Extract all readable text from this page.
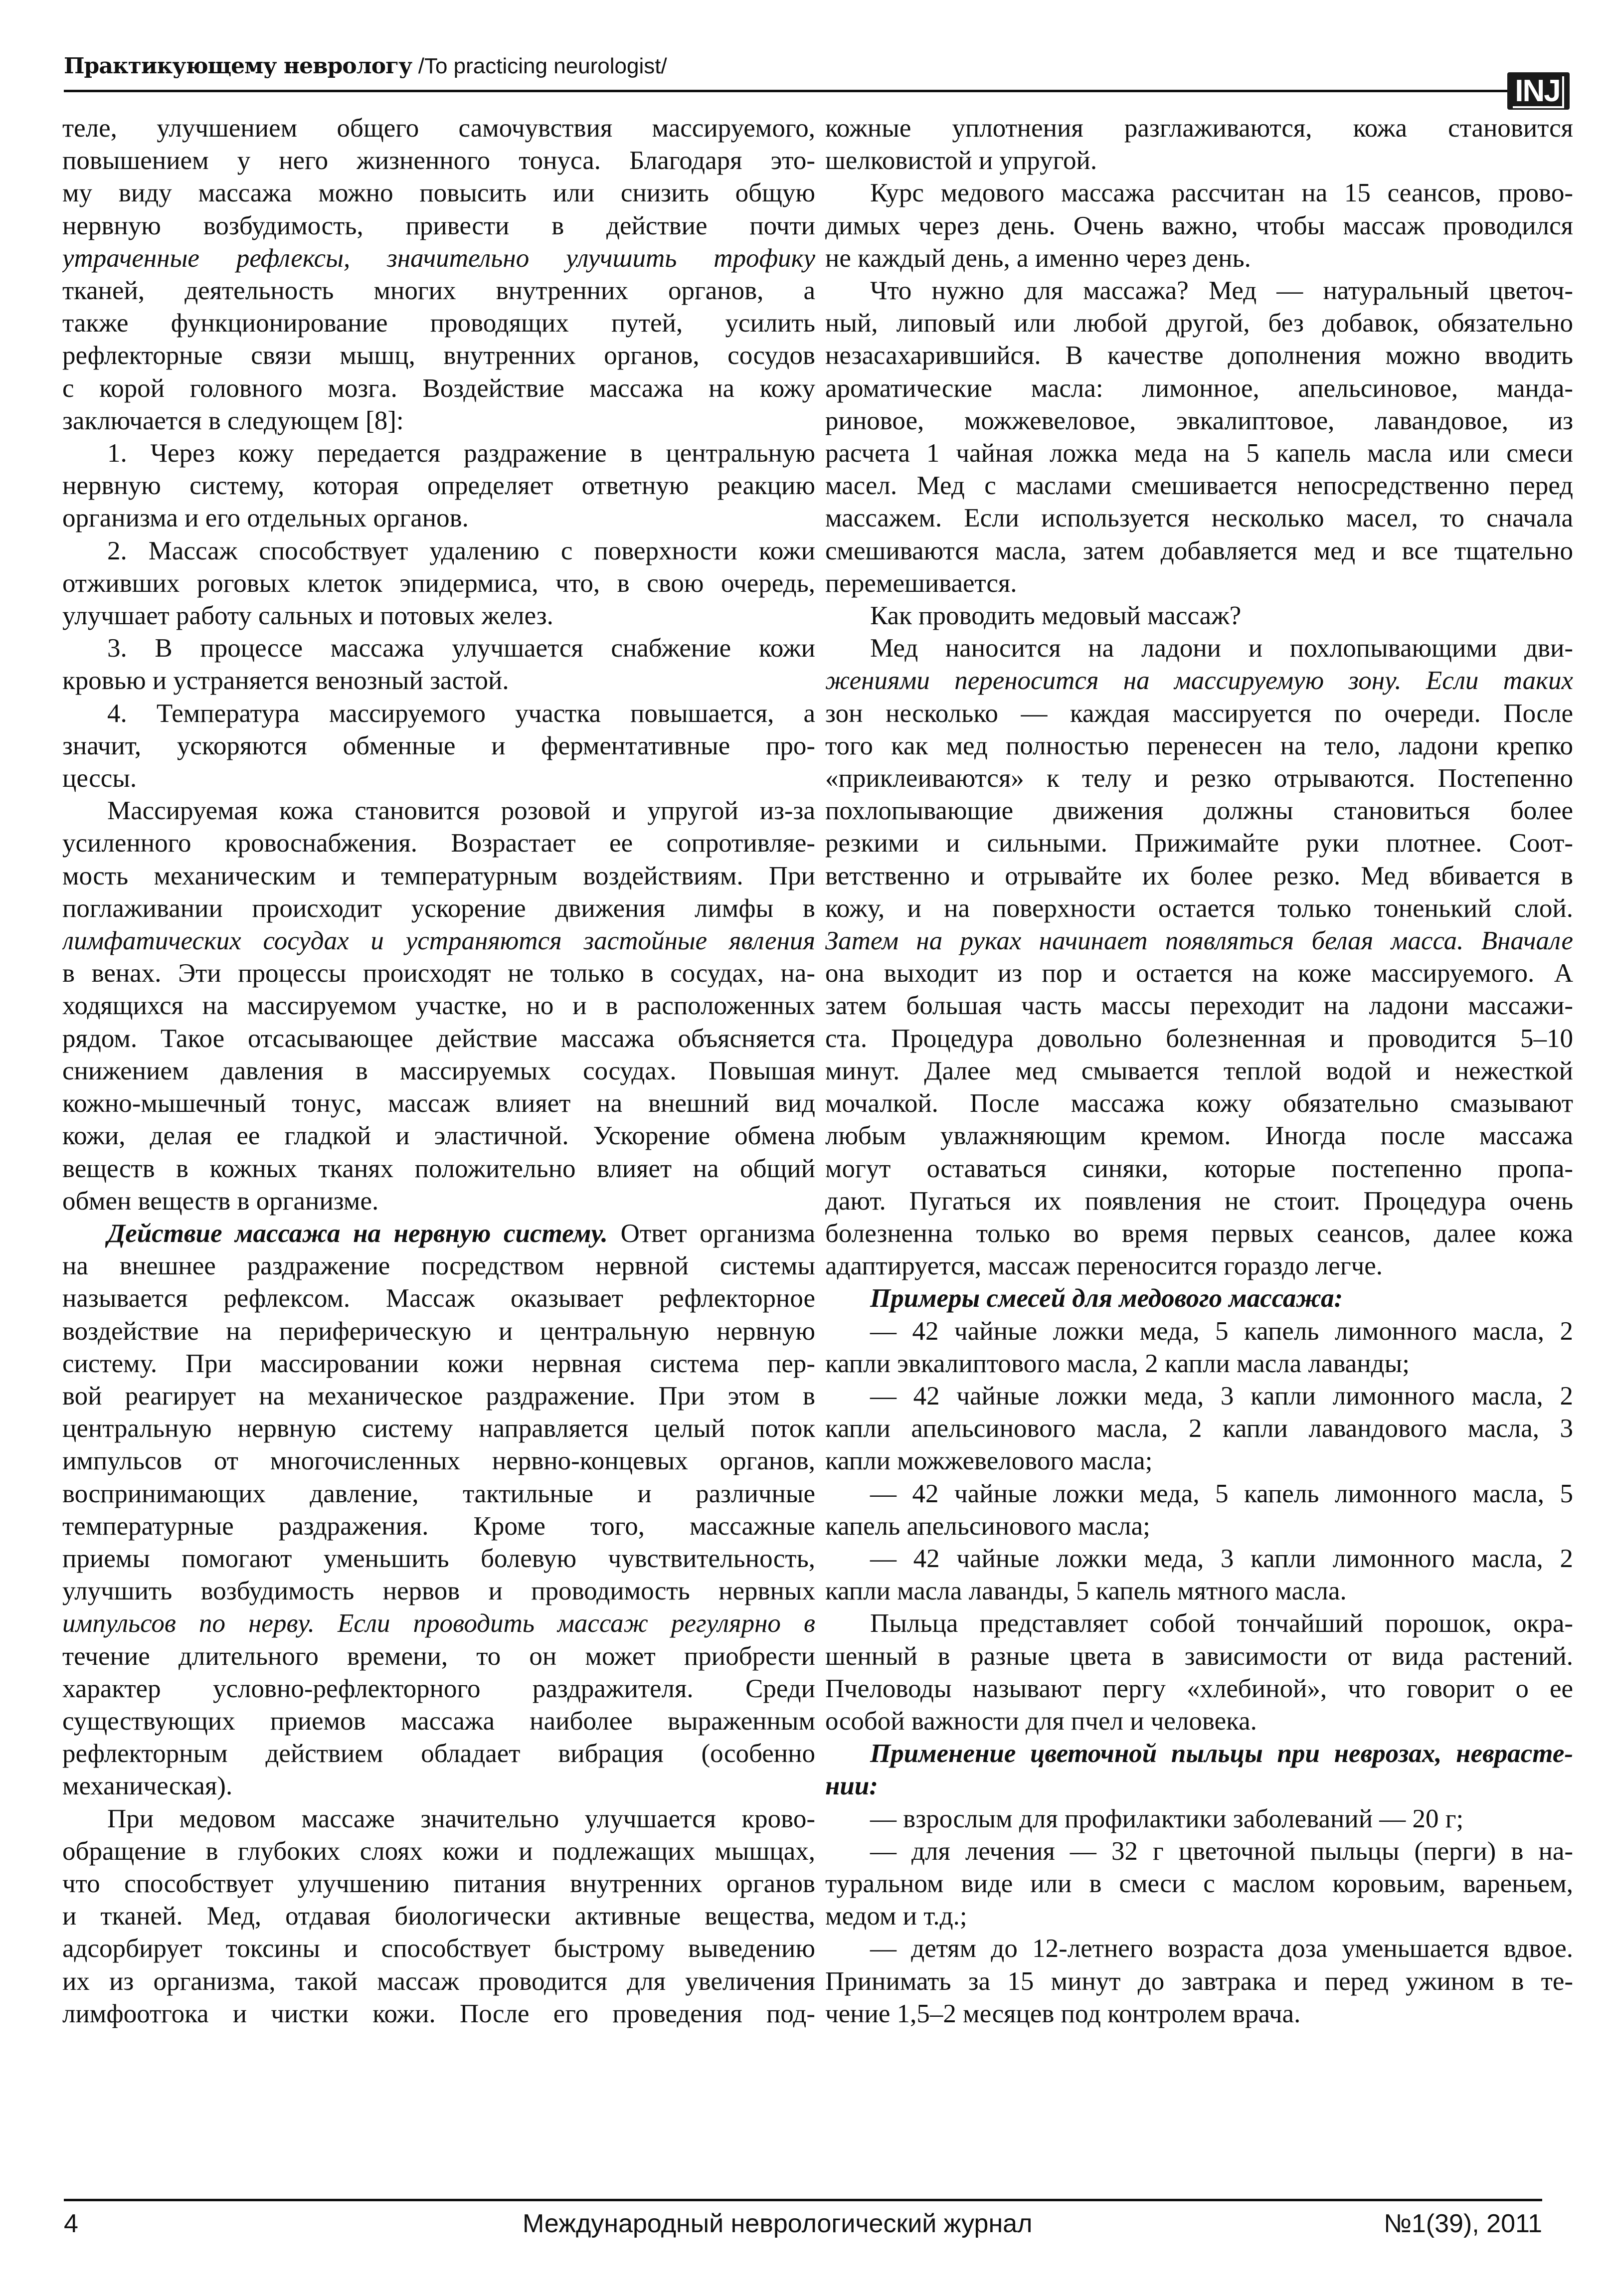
Практикующему неврологу /To practicing neurologist/
INJ
теле, улучшением общего самочувствия массируемого,
повышением у него жизненного тонуса. Благодаря это-
му виду массажа можно повысить или снизить общую
нервную возбудимость, привести в действие почти
утраченные рефлексы, значительно улучшить трофику
тканей, деятельность многих внутренних органов, а
также функционирование проводящих путей, усилить
рефлекторные связи мышц, внутренних органов, сосудов
с корой головного мозга. Воздействие массажа на кожу
заключается в следующем [8]:
1. Через кожу передается раздражение в центральную
нервную систему, которая определяет ответную реакцию
организма и его отдельных органов.
2. Массаж способствует удалению с поверхности кожи
отживших роговых клеток эпидермиса, что, в свою очередь,
улучшает работу сальных и потовых желез.
3. В процессе массажа улучшается снабжение кожи
кровью и устраняется венозный застой.
4. Температура массируемого участка повышается, а
значит, ускоряются обменные и ферментативные про-
цессы.
Массируемая кожа становится розовой и упругой из-за
усиленного кровоснабжения. Возрастает ее сопротивляе-
мость механическим и температурным воздействиям. При
поглаживании происходит ускорение движения лимфы в
лимфатических сосудах и устраняются застойные явления
в венах. Эти процессы происходят не только в сосудах, на-
ходящихся на массируемом участке, но и в расположенных
рядом. Такое отсасывающее действие массажа объясняется
снижением давления в массируемых сосудах. Повышая
кожно-мышечный тонус, массаж влияет на внешний вид
кожи, делая ее гладкой и эластичной. Ускорение обмена
веществ в кожных тканях положительно влияет на общий
обмен веществ в организме.
Действие массажа на нервную систему. Ответ организма
на внешнее раздражение посредством нервной системы
называется рефлексом. Массаж оказывает рефлекторное
воздействие на периферическую и центральную нервную
систему. При массировании кожи нервная система пер-
вой реагирует на механическое раздражение. При этом в
центральную нервную систему направляется целый поток
импульсов от многочисленных нервно-концевых органов,
воспринимающих давление, тактильные и различные
температурные раздражения. Кроме того, массажные
приемы помогают уменьшить болевую чувствительность,
улучшить возбудимость нервов и проводимость нервных
импульсов по нерву. Если проводить массаж регулярно в
течение длительного времени, то он может приобрести
характер условно-рефлекторного раздражителя. Среди
существующих приемов массажа наиболее выраженным
рефлекторным действием обладает вибрация (особенно
механическая).
При медовом массаже значительно улучшается крово-
обращение в глубоких слоях кожи и подлежащих мышцах,
что способствует улучшению питания внутренних органов
и тканей. Мед, отдавая биологически активные вещества,
адсорбирует токсины и способствует быстрому выведению
их из организма, такой массаж проводится для увеличения
лимфоотгока и чистки кожи. После его проведения под-
кожные уплотнения разглаживаются, кожа становится
шелковистой и упругой.
Курс медового массажа рассчитан на 15 сеансов, прово-
димых через день. Очень важно, чтобы массаж проводился
не каждый день, а именно через день.
Что нужно для массажа? Мед — натуральный цветоч-
ный, липовый или любой другой, без добавок, обязательно
незасахарившийся. В качестве дополнения можно вводить
ароматические масла: лимонное, апельсиновое, манда-
риновое, можжевеловое, эвкалиптовое, лавандовое, из
расчета 1 чайная ложка меда на 5 капель масла или смеси
масел. Мед с маслами смешивается непосредственно перед
массажем. Если используется несколько масел, то сначала
смешиваются масла, затем добавляется мед и все тщательно
перемешивается.
Как проводить медовый массаж?
Мед наносится на ладони и похлопывающими дви-
жениями переносится на массируемую зону. Если таких
зон несколько — каждая массируется по очереди. После
того как мед полностью перенесен на тело, ладони крепко
«приклеиваются» к телу и резко отрываются. Постепенно
похлопывающие движения должны становиться более
резкими и сильными. Прижимайте руки плотнее. Соот-
ветственно и отрывайте их более резко. Мед вбивается в
кожу, и на поверхности остается только тоненький слой.
Затем на руках начинает появляться белая масса. Вначале
она выходит из пор и остается на коже массируемого. А
затем большая часть массы переходит на ладони массажи-
ста. Процедура довольно болезненная и проводится 5–10
минут. Далее мед смывается теплой водой и нежесткой
мочалкой. После массажа кожу обязательно смазывают
любым увлажняющим кремом. Иногда после массажа
могут оставаться синяки, которые постепенно пропа-
дают. Пугаться их появления не стоит. Процедура очень
болезненна только во время первых сеансов, далее кожа
адаптируется, массаж переносится гораздо легче.
Примеры смесей для медового массажа:
— 42 чайные ложки меда, 5 капель лимонного масла, 2
капли эвкалиптового масла, 2 капли масла лаванды;
— 42 чайные ложки меда, 3 капли лимонного масла, 2
капли апельсинового масла, 2 капли лавандового масла, 3
капли можжевелового масла;
— 42 чайные ложки меда, 5 капель лимонного масла, 5
капель апельсинового масла;
— 42 чайные ложки меда, 3 капли лимонного масла, 2
капли масла лаванды, 5 капель мятного масла.
Пыльца представляет собой тончайший порошок, окра-
шенный в разные цвета в зависимости от вида растений.
Пчеловоды называют пергу «хлебиной», что говорит о ее
особой важности для пчел и человека.
Применение цветочной пыльцы при неврозах, неврасте-
нии:
— взрослым для профилактики заболеваний — 20 г;
— для лечения — 32 г цветочной пыльцы (перги) в на-
туральном виде или в смеси с маслом коровьим, вареньем,
медом и т.д.;
— детям до 12-летнего возраста доза уменьшается вдвое.
Принимать за 15 минут до завтрака и перед ужином в те-
чение 1,5–2 месяцев под контролем врача.
4	Международный неврологический журнал	№1(39), 2011
